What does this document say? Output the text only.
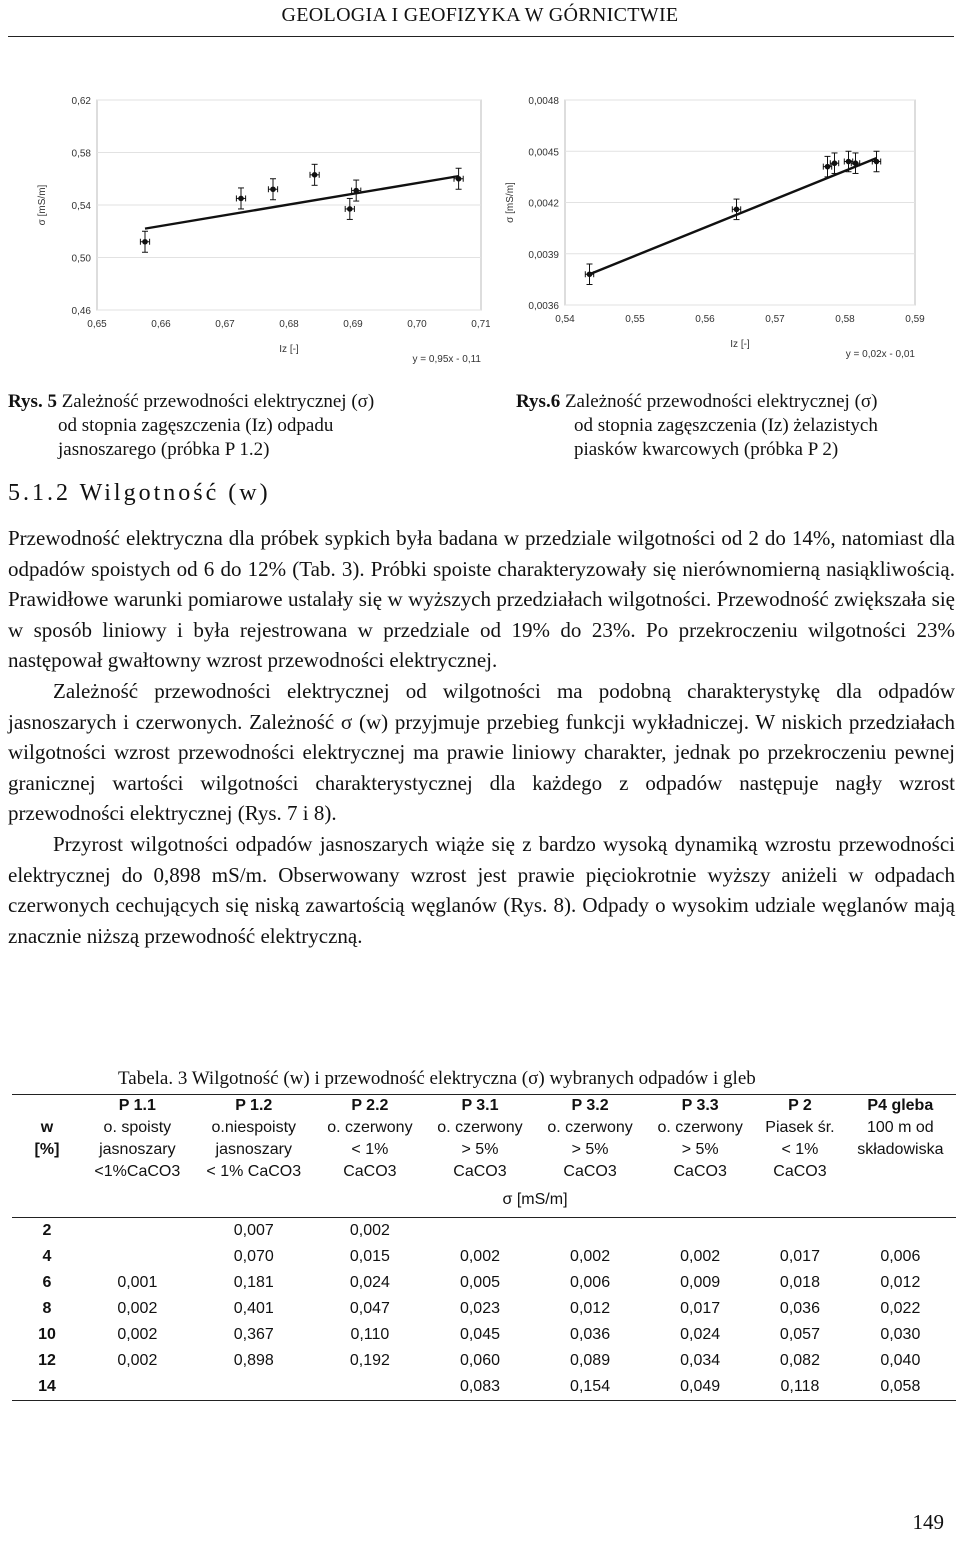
GEOLOGIA I GEOFIZYKA W GÓRNICTWIE
0,46
0,50
0,54
0,58
0,62
0,65	0,66	0,67	0,68	0,69	0,70	0,71
Iz [-]
σ [mS/m]
y = 0,95x - 0,11
0,0036
0,0039
0,0042
0,0045
0,0048
0,54	0,55	0,56	0,57	0,58	0,59
Iz [-]
σ [mS/m]
y = 0,02x - 0,01
Rys. 5 Zależność przewodności elektrycznej (σ)
od stopnia zagęszczenia (Iz) odpadu
jasnoszarego (próbka P 1.2)
Rys.6 Zależność przewodności elektrycznej (σ)
od stopnia zagęszczenia (Iz) żelazistych
piasków kwarcowych (próbka P 2)
5.1.2 Wilgotność (w)

Przewodność elektryczna dla próbek sypkich była badana w przedziale wilgotności od 2 do 14%, natomiast dla odpadów spoistych od 6 do 12% (Tab. 3). Próbki spoiste charakteryzowały się nierównomierną nasiąkliwością. Prawidłowe warunki pomiarowe ustalały się w wyższych przedziałach wilgotności. Przewodność zwiększała się w sposób liniowy i była rejestrowana w przedziale od 19% do 23%. Po przekroczeniu wilgotności 23% następował gwałtowny wzrost przewodności elektrycznej.

Zależność przewodności elektrycznej od wilgotności ma podobną charakterystykę dla odpadów jasnoszarych i czerwonych. Zależność σ (w) przyjmuje przebieg funkcji wykładniczej. W niskich przedziałach wilgotności wzrost przewodności elektrycznej ma prawie liniowy charakter, jednak po przekroczeniu pewnej granicznej wartości wilgotności charakterystycznej dla każdego z odpadów następuje nagły wzrost przewodności elektrycznej (Rys. 7 i 8).

Przyrost wilgotności odpadów jasnoszarych wiąże się z bardzo wysoką dynamiką wzrostu przewodności elektrycznej do 0,898 mS/m. Obserwowany wzrost jest prawie pięciokrotnie wyższy aniżeli w odpadach czerwonych cechujących się niską zawartością węglanów (Rys. 8). Odpady o wysokim udziale węglanów mają znacznie niższą przewodność elektryczną.

Tabela. 3 Wilgotność (w) i przewodność elektryczna (σ) wybranych odpadów i gleb
	P 1.1	P 1.2	P 2.2	P 3.1	P 3.2	P 3.3	P 2	P4 gleba
w	o. spoisty	o.niespoisty	o. czerwony	o. czerwony	o. czerwony	o. czerwony	Piasek śr.	100 m od
[%]	jasnoszary	jasnoszary	< 1%	> 5%	> 5%	> 5%	< 1%	składowiska
	<1%CaCO3	< 1% CaCO3	CaCO3	CaCO3	CaCO3	CaCO3	CaCO3	
				σ [mS/m]				
2		0,007	0,002					
4		0,070	0,015	0,002	0,002	0,002	0,017	0,006
6	0,001	0,181	0,024	0,005	0,006	0,009	0,018	0,012
8	0,002	0,401	0,047	0,023	0,012	0,017	0,036	0,022
10	0,002	0,367	0,110	0,045	0,036	0,024	0,057	0,030
12	0,002	0,898	0,192	0,060	0,089	0,034	0,082	0,040
14				0,083	0,154	0,049	0,118	0,058
149
